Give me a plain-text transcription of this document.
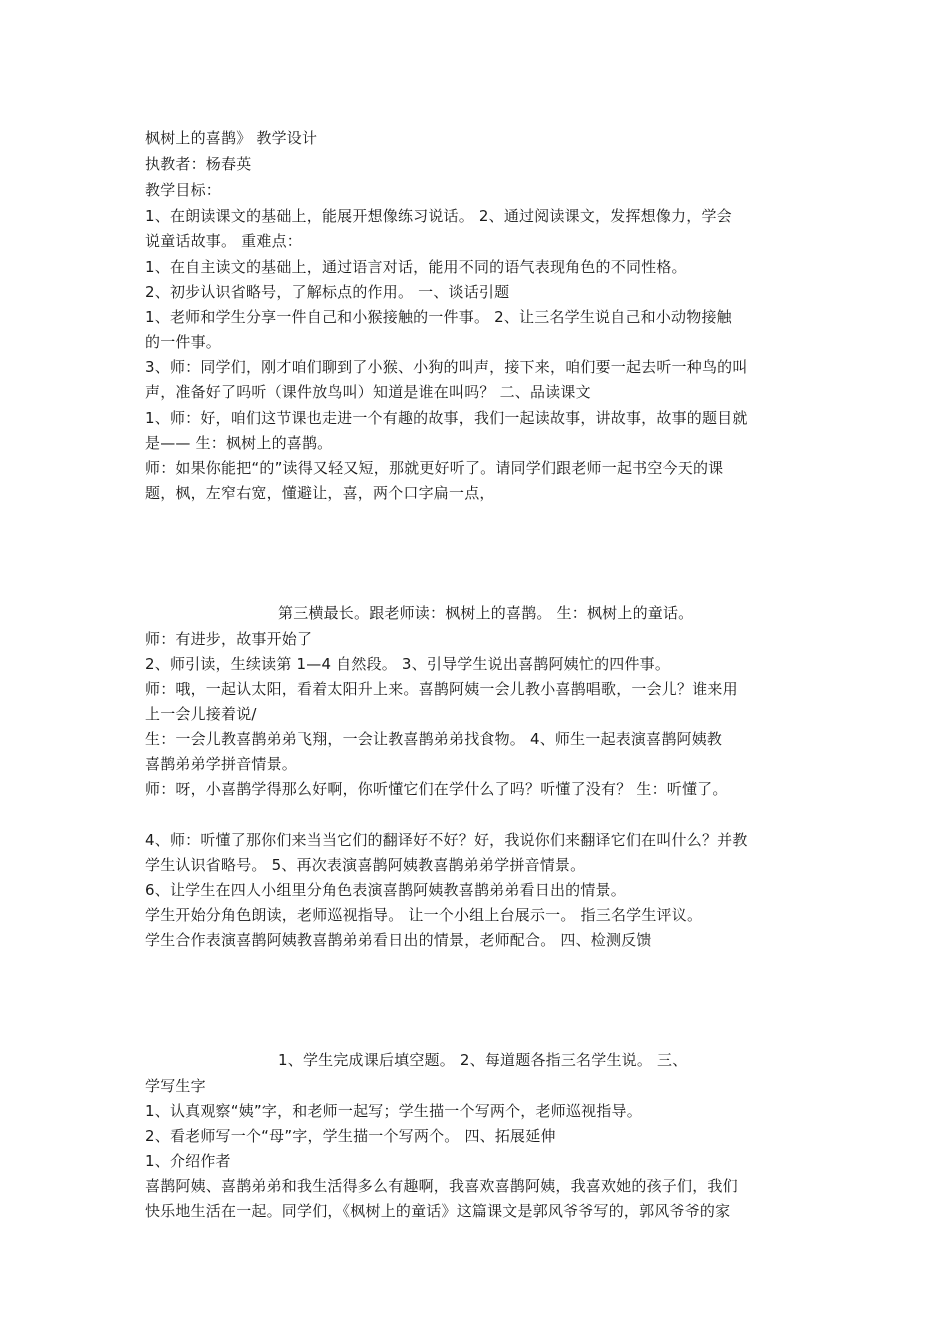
枫树上的喜鹊》 教学设计
执教者：杨春英
教学目标：
1、在朗读课文的基础上，能展开想像练习说话。 2、通过阅读课文，发挥想像力，学会
说童话故事。 重难点：
1、在自主读文的基础上，通过语言对话，能用不同的语气表现角色的不同性格。
2、初步认识省略号，了解标点的作用。 一、谈话引题
1、老师和学生分享一件自己和小猴接触的一件事。 2、让三名学生说自己和小动物接触
的一件事。
3、师：同学们，刚才咱们聊到了小猴、小狗的叫声，接下来，咱们要一起去听一种鸟的叫
声，准备好了吗听（课件放鸟叫）知道是谁在叫吗？ 二、品读课文
1、师：好，咱们这节课也走进一个有趣的故事，我们一起读故事，讲故事，故事的题目就
是—— 生：枫树上的喜鹊。
师：如果你能把“的”读得又轻又短，那就更好听了。请同学们跟老师一起书空今天的课
题，枫，左窄右宽，懂避让，喜，两个口字扁一点，
第三横最长。跟老师读：枫树上的喜鹊。 生：枫树上的童话。
师：有进步，故事开始了
2、师引读，生续读第 1—4 自然段。 3、引导学生说出喜鹊阿姨忙的四件事。
师：哦，一起认太阳，看着太阳升上来。喜鹊阿姨一会儿教小喜鹊唱歌，一会儿？谁来用
上一会儿接着说/
生：一会儿教喜鹊弟弟飞翔，一会让教喜鹊弟弟找食物。 4、师生一起表演喜鹊阿姨教
喜鹊弟弟学拼音情景。
师：呀，小喜鹊学得那么好啊，你听懂它们在学什么了吗？听懂了没有？ 生：听懂了。
4、师：听懂了那你们来当当它们的翻译好不好？好，我说你们来翻译它们在叫什么？并教
学生认识省略号。 5、再次表演喜鹊阿姨教喜鹊弟弟学拼音情景。
6、让学生在四人小组里分角色表演喜鹊阿姨教喜鹊弟弟看日出的情景。
学生开始分角色朗读，老师巡视指导。 让一个小组上台展示一。 指三名学生评议。
学生合作表演喜鹊阿姨教喜鹊弟弟看日出的情景，老师配合。 四、检测反馈
1、学生完成课后填空题。 2、每道题各指三名学生说。 三、
学写生字
1、认真观察“姨”字，和老师一起写；学生描一个写两个，老师巡视指导。
2、看老师写一个“母”字，学生描一个写两个。 四、拓展延伸
1、介绍作者
喜鹊阿姨、喜鹊弟弟和我生活得多么有趣啊，我喜欢喜鹊阿姨，我喜欢她的孩子们，我们
快乐地生活在一起。同学们，《枫树上的童话》这篇课文是郭风爷爷写的，郭风爷爷的家
